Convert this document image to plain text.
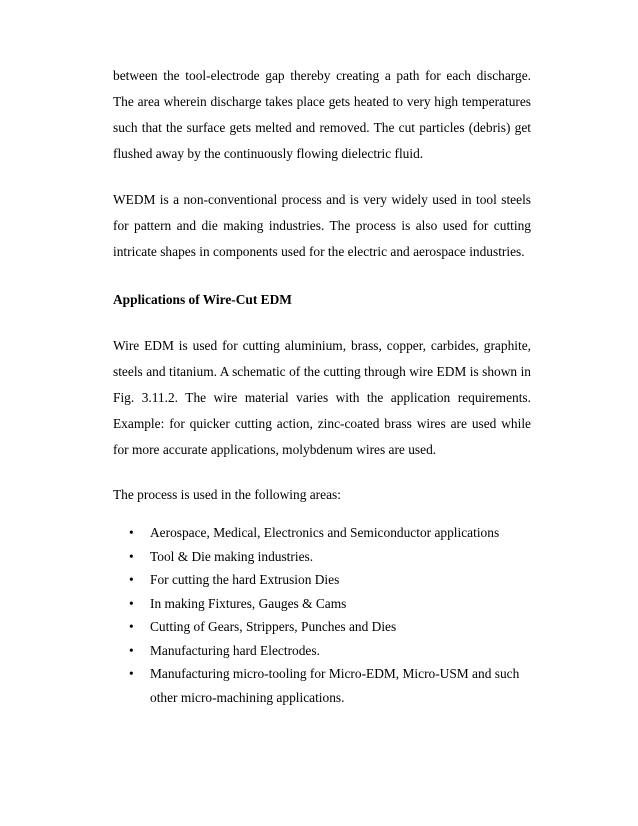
between the tool-electrode gap thereby creating a path for each discharge. The area wherein discharge takes place gets heated to very high temperatures such that the surface gets melted and removed. The cut particles (debris) get flushed away by the continuously flowing dielectric fluid.

WEDM is a non-conventional process and is very widely used in tool steels for pattern and die making industries. The process is also used for cutting intricate shapes in components used for the electric and aerospace industries.

Applications of Wire-Cut EDM

Wire EDM is used for cutting aluminium, brass, copper, carbides, graphite, steels and titanium. A schematic of the cutting through wire EDM is shown in Fig. 3.11.2. The wire material varies with the application requirements. Example: for quicker cutting action, zinc-coated brass wires are used while for more accurate applications, molybdenum wires are used.

The process is used in the following areas:

• Aerospace, Medical, Electronics and Semiconductor applications
• Tool & Die making industries.
• For cutting the hard Extrusion Dies
• In making Fixtures, Gauges & Cams
• Cutting of Gears, Strippers, Punches and Dies
• Manufacturing hard Electrodes.
• Manufacturing micro-tooling for Micro-EDM, Micro-USM and such other micro-machining applications.
